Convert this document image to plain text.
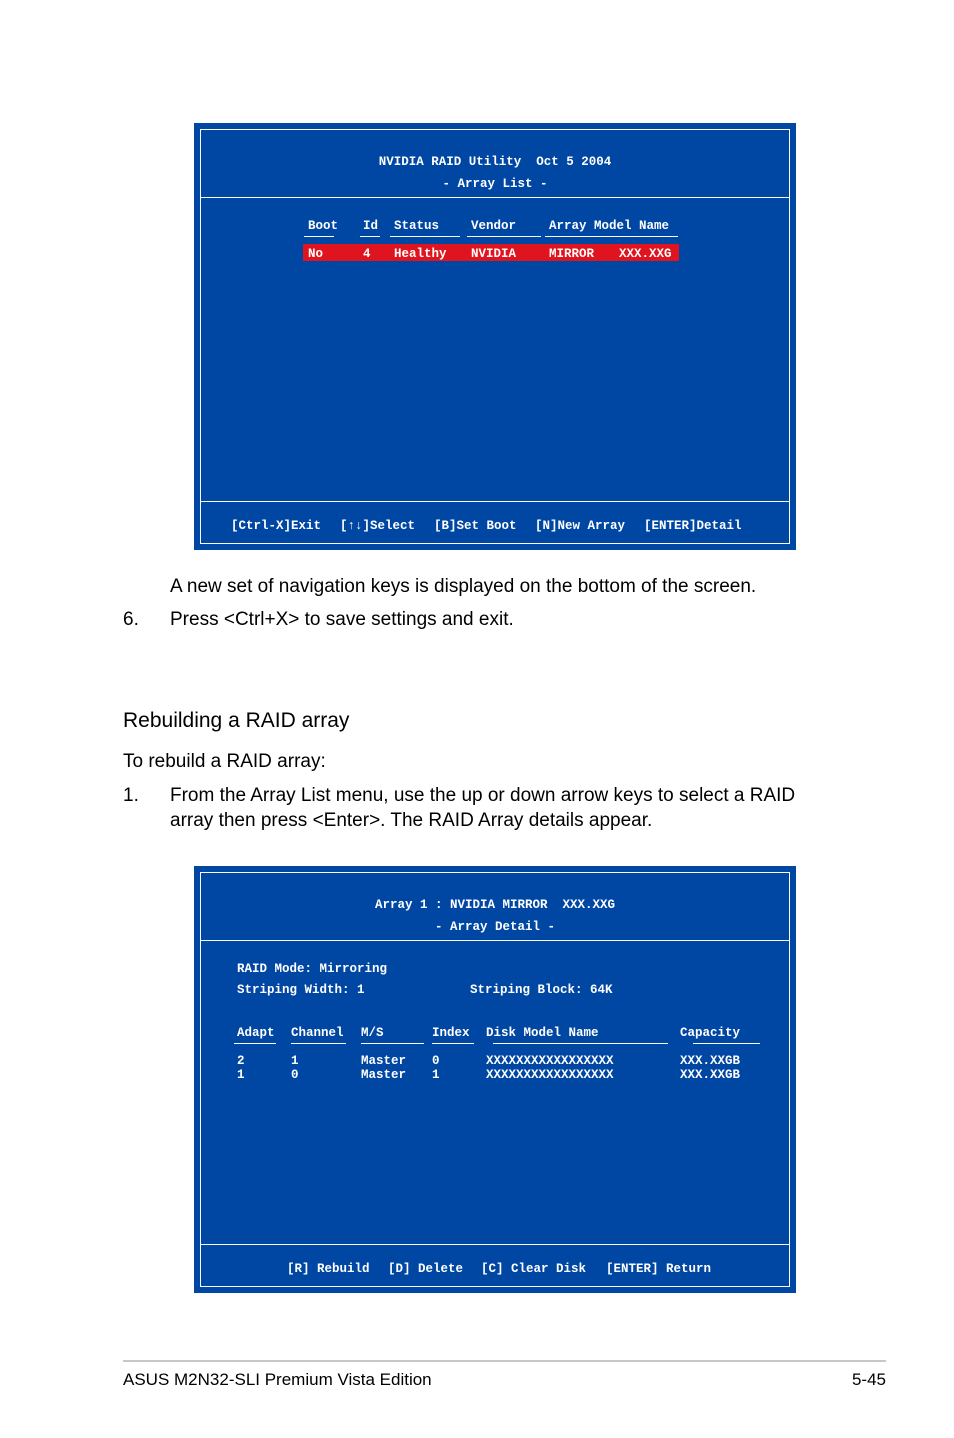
NVIDIA RAID Utility  Oct 5 2004
- Array List -
Boot Id Status	Vendor	Array Model Name
No	4 Healthy NVIDIA	MIRROR XXX.XXG
[Ctrl-X]Exit [↑↓]Select [B]Set Boot [N]New Array [ENTER]Detail
A new set of navigation keys is displayed on the bottom of the screen.
6. Press <Ctrl+X> to save settings and exit.
Rebuilding a RAID array
To rebuild a RAID array:
1. From the Array List menu, use the up or down arrow keys to select a RAID
array then press <Enter>. The RAID Array details appear.
Array 1 : NVIDIA MIRROR  XXX.XXG
- Array Detail -
RAID Mode: Mirroring
Striping Width: 1	Striping Block: 64K
Adapt Channel M/S	Index Disk Model Name	Capacity
2	1	Master 0	XXXXXXXXXXXXXXXXX	XXX.XXGB
1	0	Master 1	XXXXXXXXXXXXXXXXX	XXX.XXGB
[R] Rebuild [D] Delete [C] Clear Disk [ENTER] Return
ASUS M2N32-SLI Premium Vista Edition	5-45
